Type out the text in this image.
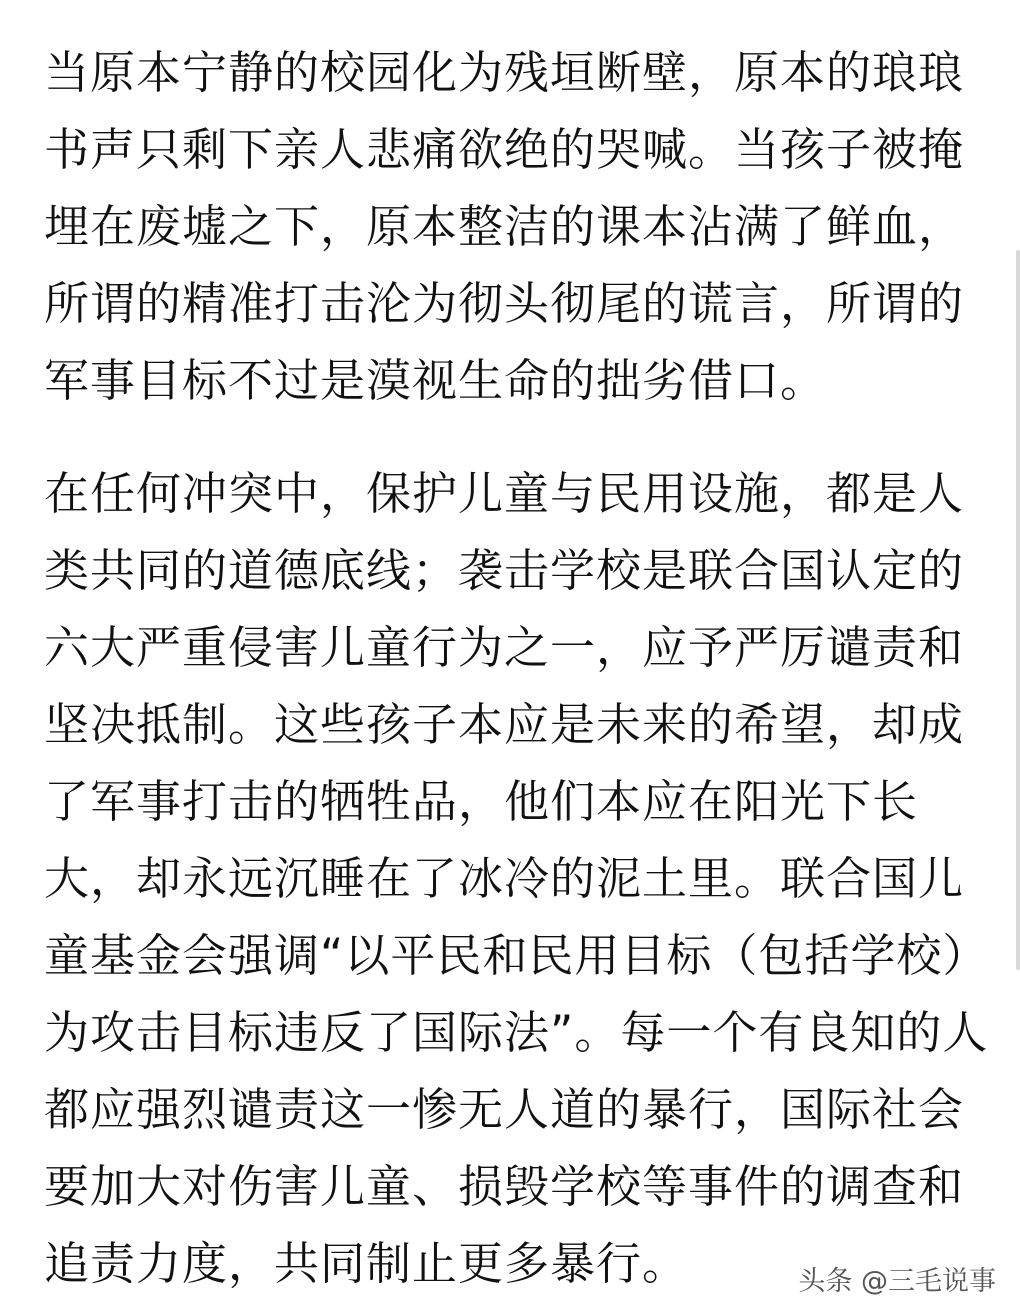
当原本宁静的校园化为残垣断壁，原本的琅琅
书声只剩下亲人悲痛欲绝的哭喊。当孩子被掩
埋在废墟之下，原本整洁的课本沾满了鲜血，
所谓的精准打击沦为彻头彻尾的谎言，所谓的
军事目标不过是漠视生命的拙劣借口。
在任何冲突中，保护儿童与民用设施，都是人
类共同的道德底线；袭击学校是联合国认定的
六大严重侵害儿童行为之一，应予严厉谴责和
坚决抵制。这些孩子本应是未来的希望，却成
了军事打击的牺牲品，他们本应在阳光下长
大，却永远沉睡在了冰冷的泥土里。联合国儿
童基金会强调“以平民和民用目标（包括学校）
为攻击目标违反了国际法”。每一个有良知的人
都应强烈谴责这一惨无人道的暴行，国际社会
要加大对伤害儿童、损毁学校等事件的调查和
追责力度，共同制止更多暴行。	头条 @三毛说事
